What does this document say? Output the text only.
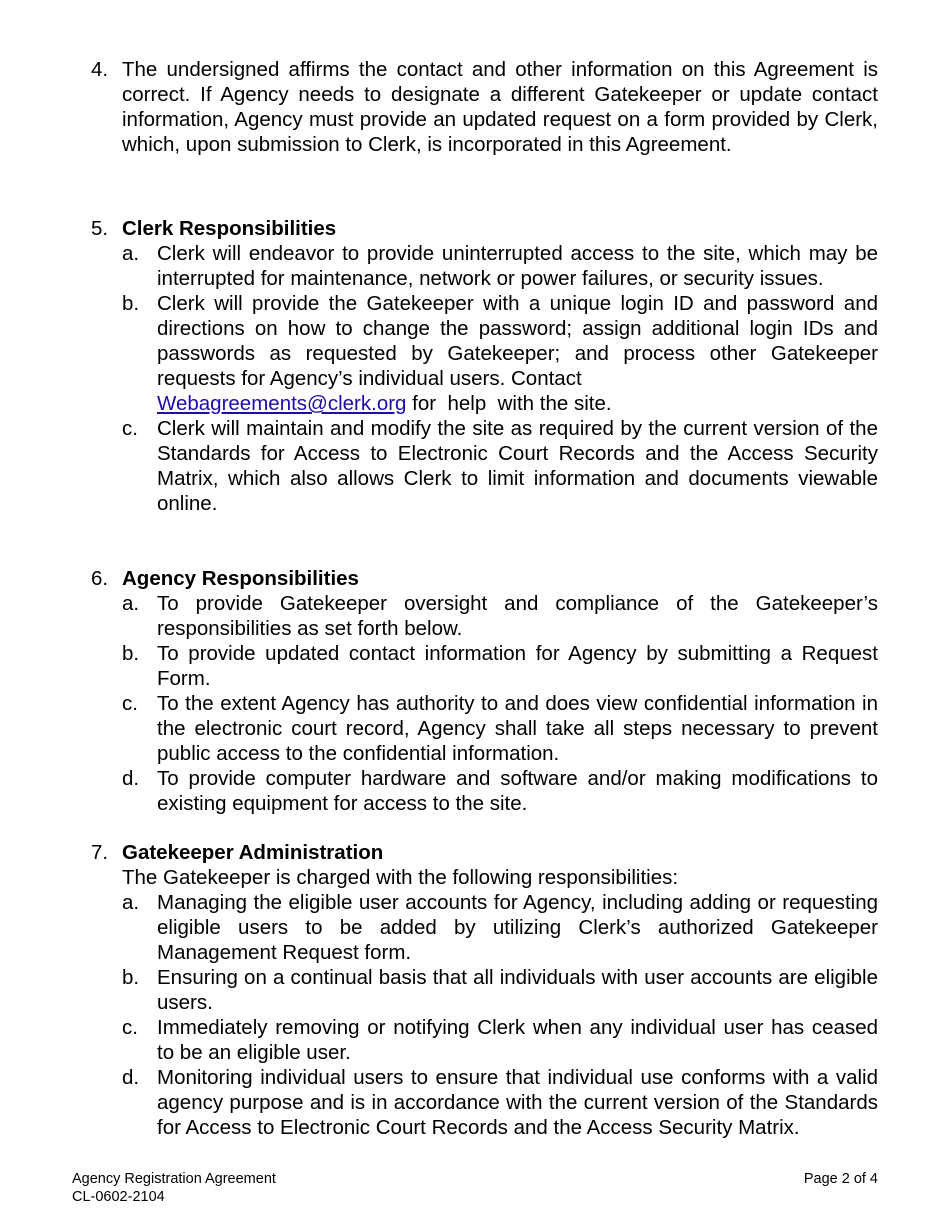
4. The undersigned affirms the contact and other information on this Agreement is correct. If Agency needs to designate a different Gatekeeper or update contact information, Agency must provide an updated request on a form provided by Clerk, which, upon submission to Clerk, is incorporated in this Agreement.
5. Clerk Responsibilities
a. Clerk will endeavor to provide uninterrupted access to the site, which may be interrupted for maintenance, network or power failures, or security issues.
b. Clerk will provide the Gatekeeper with a unique login ID and password and directions on how to change the password; assign additional login IDs and passwords as requested by Gatekeeper; and process other Gatekeeper requests for Agency’s individual users. Contact
Webagreements@clerk.org for  help  with the site.
c. Clerk will maintain and modify the site as required by the current version of the Standards for Access to Electronic Court Records and the Access Security Matrix, which also allows Clerk to limit information and documents viewable online.
6. Agency Responsibilities
a. To provide Gatekeeper oversight and compliance of the Gatekeeper’s responsibilities as set forth below.
b. To provide updated contact information for Agency by submitting a Request Form.
c. To the extent Agency has authority to and does view confidential information in the electronic court record, Agency shall take all steps necessary to prevent public access to the confidential information.
d. To provide computer hardware and software and/or making modifications to existing equipment for access to the site.
7. Gatekeeper Administration
The Gatekeeper is charged with the following responsibilities:
a. Managing the eligible user accounts for Agency, including adding or requesting eligible users to be added by utilizing Clerk’s authorized Gatekeeper Management Request form.
b. Ensuring on a continual basis that all individuals with user accounts are eligible users.
c. Immediately removing or notifying Clerk when any individual user has ceased to be an eligible user.
d. Monitoring individual users to ensure that individual use conforms with a valid agency purpose and is in accordance with the current version of the Standards for Access to Electronic Court Records and the Access Security Matrix.
Agency Registration Agreement
CL-0602-2104
Page 2 of 4
